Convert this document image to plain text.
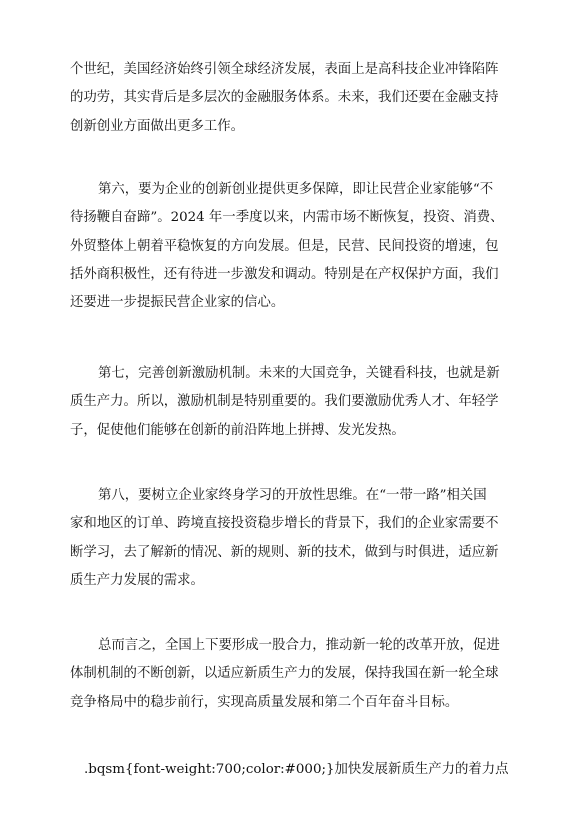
个世纪，美国经济始终引领全球经济发展，表面上是高科技企业冲锋陷阵
的功劳，其实背后是多层次的金融服务体系。未来，我们还要在金融支持
创新创业方面做出更多工作。
第六，要为企业的创新创业提供更多保障，即让民营企业家能够“不
待扬鞭自奋蹄”。2024 年一季度以来，内需市场不断恢复，投资、消费、
外贸整体上朝着平稳恢复的方向发展。但是，民营、民间投资的增速，包
括外商积极性，还有待进一步激发和调动。特别是在产权保护方面，我们
还要进一步提振民营企业家的信心。
第七，完善创新激励机制。未来的大国竞争，关键看科技，也就是新
质生产力。所以，激励机制是特别重要的。我们要激励优秀人才、年轻学
子，促使他们能够在创新的前沿阵地上拼搏、发光发热。
第八，要树立企业家终身学习的开放性思维。在“一带一路”相关国
家和地区的订单、跨境直接投资稳步增长的背景下，我们的企业家需要不
断学习，去了解新的情况、新的规则、新的技术，做到与时俱进，适应新
质生产力发展的需求。
总而言之，全国上下要形成一股合力，推动新一轮的改革开放，促进
体制机制的不断创新，以适应新质生产力的发展，保持我国在新一轮全球
竞争格局中的稳步前行，实现高质量发展和第二个百年奋斗目标。
.bqsm{font-weight:700;color:#000;}加快发展新质生产力的着力点
